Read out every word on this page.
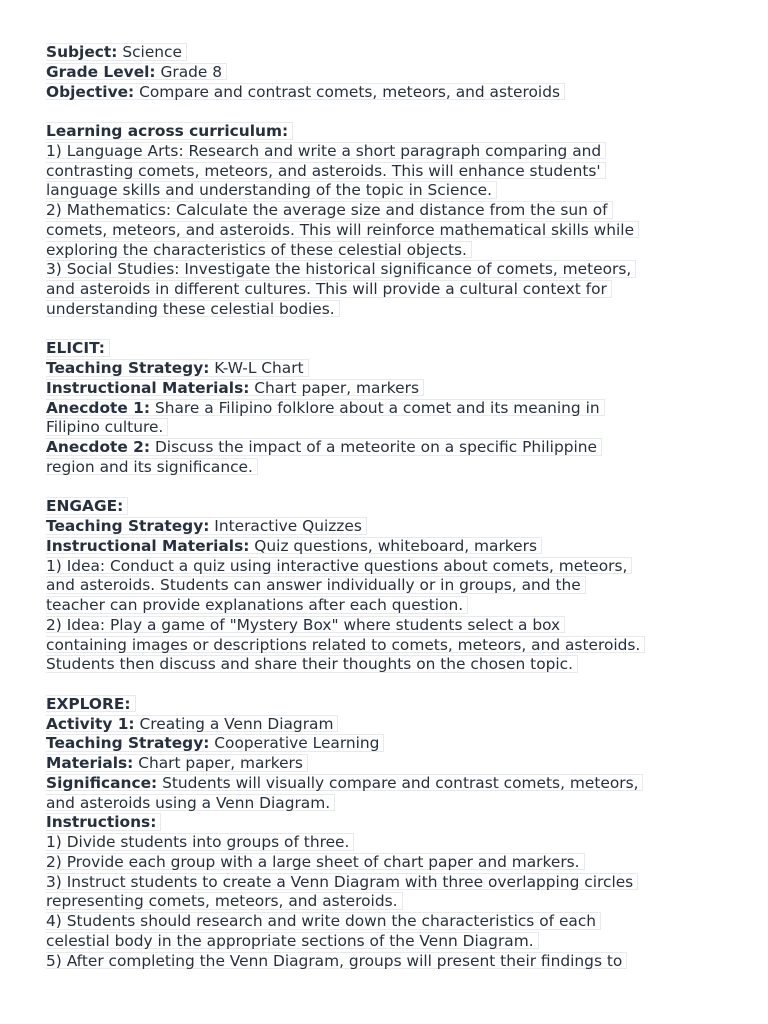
Subject: Science
Grade Level: Grade 8
Objective: Compare and contrast comets, meteors, and asteroids
Learning across curriculum:
1) Language Arts: Research and write a short paragraph comparing and
contrasting comets, meteors, and asteroids. This will enhance students'
language skills and understanding of the topic in Science.
2) Mathematics: Calculate the average size and distance from the sun of
comets, meteors, and asteroids. This will reinforce mathematical skills while
exploring the characteristics of these celestial objects.
3) Social Studies: Investigate the historical significance of comets, meteors,
and asteroids in different cultures. This will provide a cultural context for
understanding these celestial bodies.
ELICIT:
Teaching Strategy: K-W-L Chart
Instructional Materials: Chart paper, markers
Anecdote 1: Share a Filipino folklore about a comet and its meaning in
Filipino culture.
Anecdote 2: Discuss the impact of a meteorite on a specific Philippine
region and its significance.
ENGAGE:
Teaching Strategy: Interactive Quizzes
Instructional Materials: Quiz questions, whiteboard, markers
1) Idea: Conduct a quiz using interactive questions about comets, meteors,
and asteroids. Students can answer individually or in groups, and the
teacher can provide explanations after each question.
2) Idea: Play a game of "Mystery Box" where students select a box
containing images or descriptions related to comets, meteors, and asteroids.
Students then discuss and share their thoughts on the chosen topic.
EXPLORE:
Activity 1: Creating a Venn Diagram
Teaching Strategy: Cooperative Learning
Materials: Chart paper, markers
Significance: Students will visually compare and contrast comets, meteors,
and asteroids using a Venn Diagram.
Instructions:
1) Divide students into groups of three.
2) Provide each group with a large sheet of chart paper and markers.
3) Instruct students to create a Venn Diagram with three overlapping circles
representing comets, meteors, and asteroids.
4) Students should research and write down the characteristics of each
celestial body in the appropriate sections of the Venn Diagram.
5) After completing the Venn Diagram, groups will present their findings to
